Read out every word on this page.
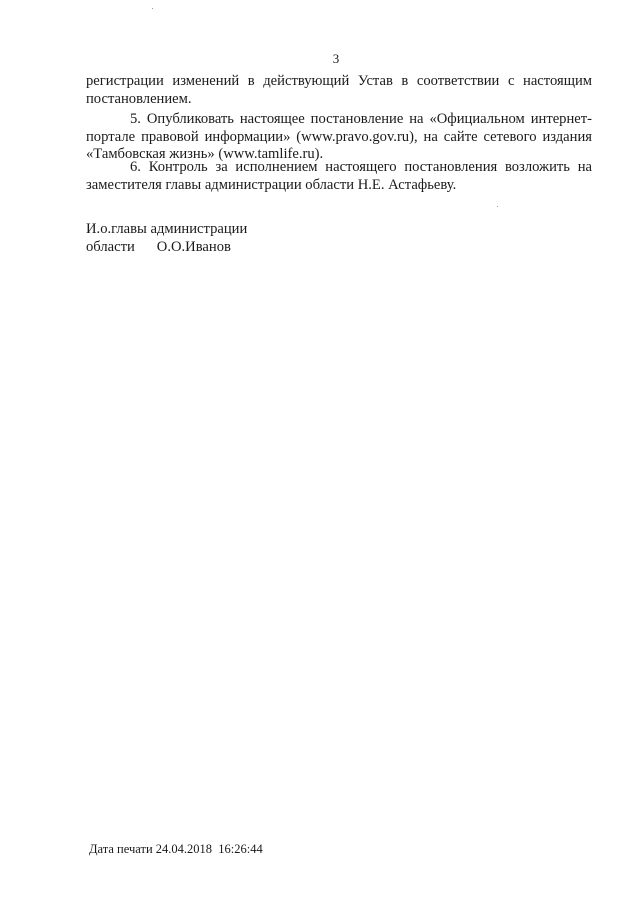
3

регистрации изменений в действующий Устав в соответствии с настоящим постановлением.

5. Опубликовать настоящее постановление на «Официальном интернет-портале правовой информации» (www.pravo.gov.ru), на сайте сетевого издания «Тамбовская жизнь» (www.tamlife.ru).

6. Контроль за исполнением настоящего постановления возложить на заместителя главы администрации области Н.Е. Астафьеву.

И.о.главы администрации
области О.О.Иванов
Дата печати 24.04.2018 16:26:44
